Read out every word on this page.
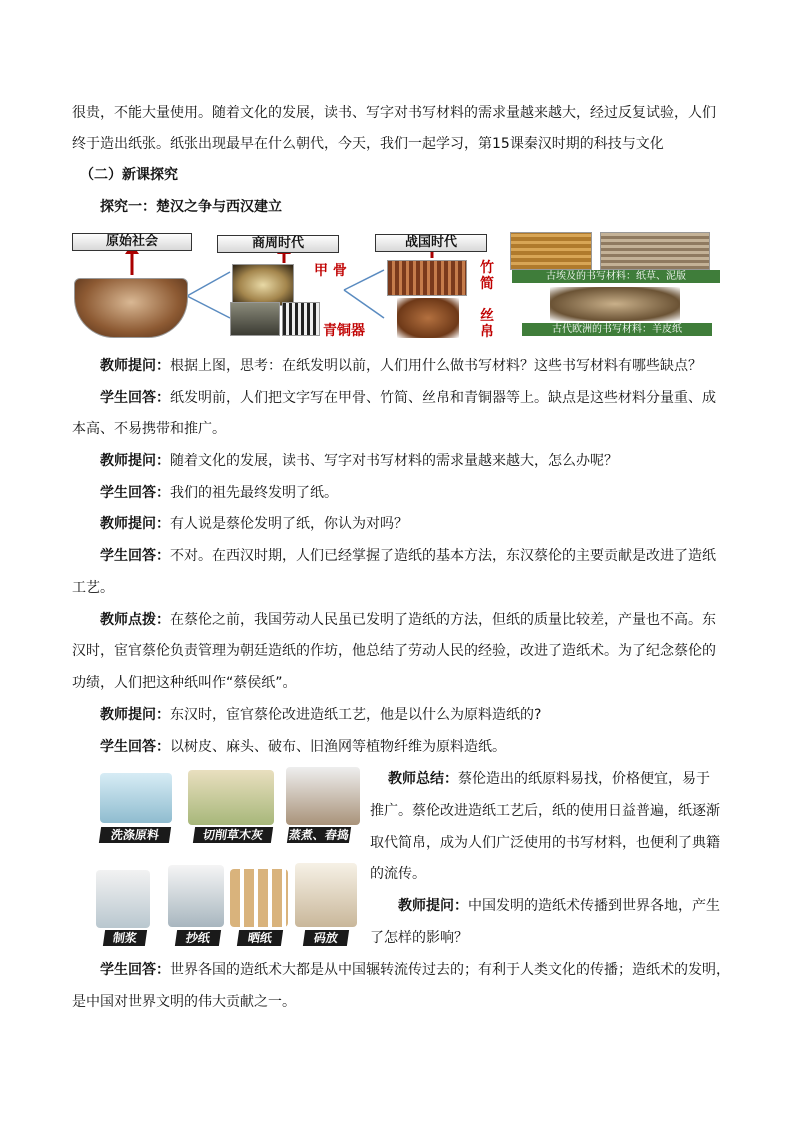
很贵，不能大量使用。随着文化的发展，读书、写字对书写材料的需求量越来越大，经过反复试验，人们
终于造出纸张。纸张出现最早在什么朝代，今天，我们一起学习，第15课秦汉时期的科技与文化
（二）新课探究
探究一：楚汉之争与西汉建立
原始社会	商周时代	战国时代
甲 骨
青铜器
竹
简
丝
帛
古埃及的书写材料：纸草、泥版
古代欧洲的书写材料：羊皮纸
教师提问：根据上图，思考：在纸发明以前，人们用什么做书写材料？这些书写材料有哪些缺点？
学生回答：纸发明前，人们把文字写在甲骨、竹简、丝帛和青铜器等上。缺点是这些材料分量重、成
本高、不易携带和推广。
教师提问：随着文化的发展，读书、写字对书写材料的需求量越来越大，怎么办呢？
学生回答：我们的祖先最终发明了纸。
教师提问：有人说是蔡伦发明了纸，你认为对吗？
学生回答：不对。在西汉时期，人们已经掌握了造纸的基本方法，东汉蔡伦的主要贡献是改进了造纸
工艺。
教师点拨：在蔡伦之前，我国劳动人民虽已发明了造纸的方法，但纸的质量比较差，产量也不高。东
汉时，宦官蔡伦负责管理为朝廷造纸的作坊，他总结了劳动人民的经验，改进了造纸术。为了纪念蔡伦的
功绩，人们把这种纸叫作“蔡侯纸”。
教师提问：东汉时，宦官蔡伦改进造纸工艺，他是以什么为原料造纸的?
学生回答：以树皮、麻头、破布、旧渔网等植物纤维为原料造纸。
洗涤原料	切削草木灰	蒸煮、舂捣
制浆	抄纸	晒纸	码放
教师总结：蔡伦造出的纸原料易找，价格便宜，易于
推广。蔡伦改进造纸工艺后，纸的使用日益普遍，纸逐渐
取代简帛，成为人们广泛使用的书写材料，也便利了典籍
的流传。
教师提问：中国发明的造纸术传播到世界各地，产生
了怎样的影响？
学生回答：世界各国的造纸术大都是从中国辗转流传过去的；有利于人类文化的传播；造纸术的发明，
是中国对世界文明的伟大贡献之一。
